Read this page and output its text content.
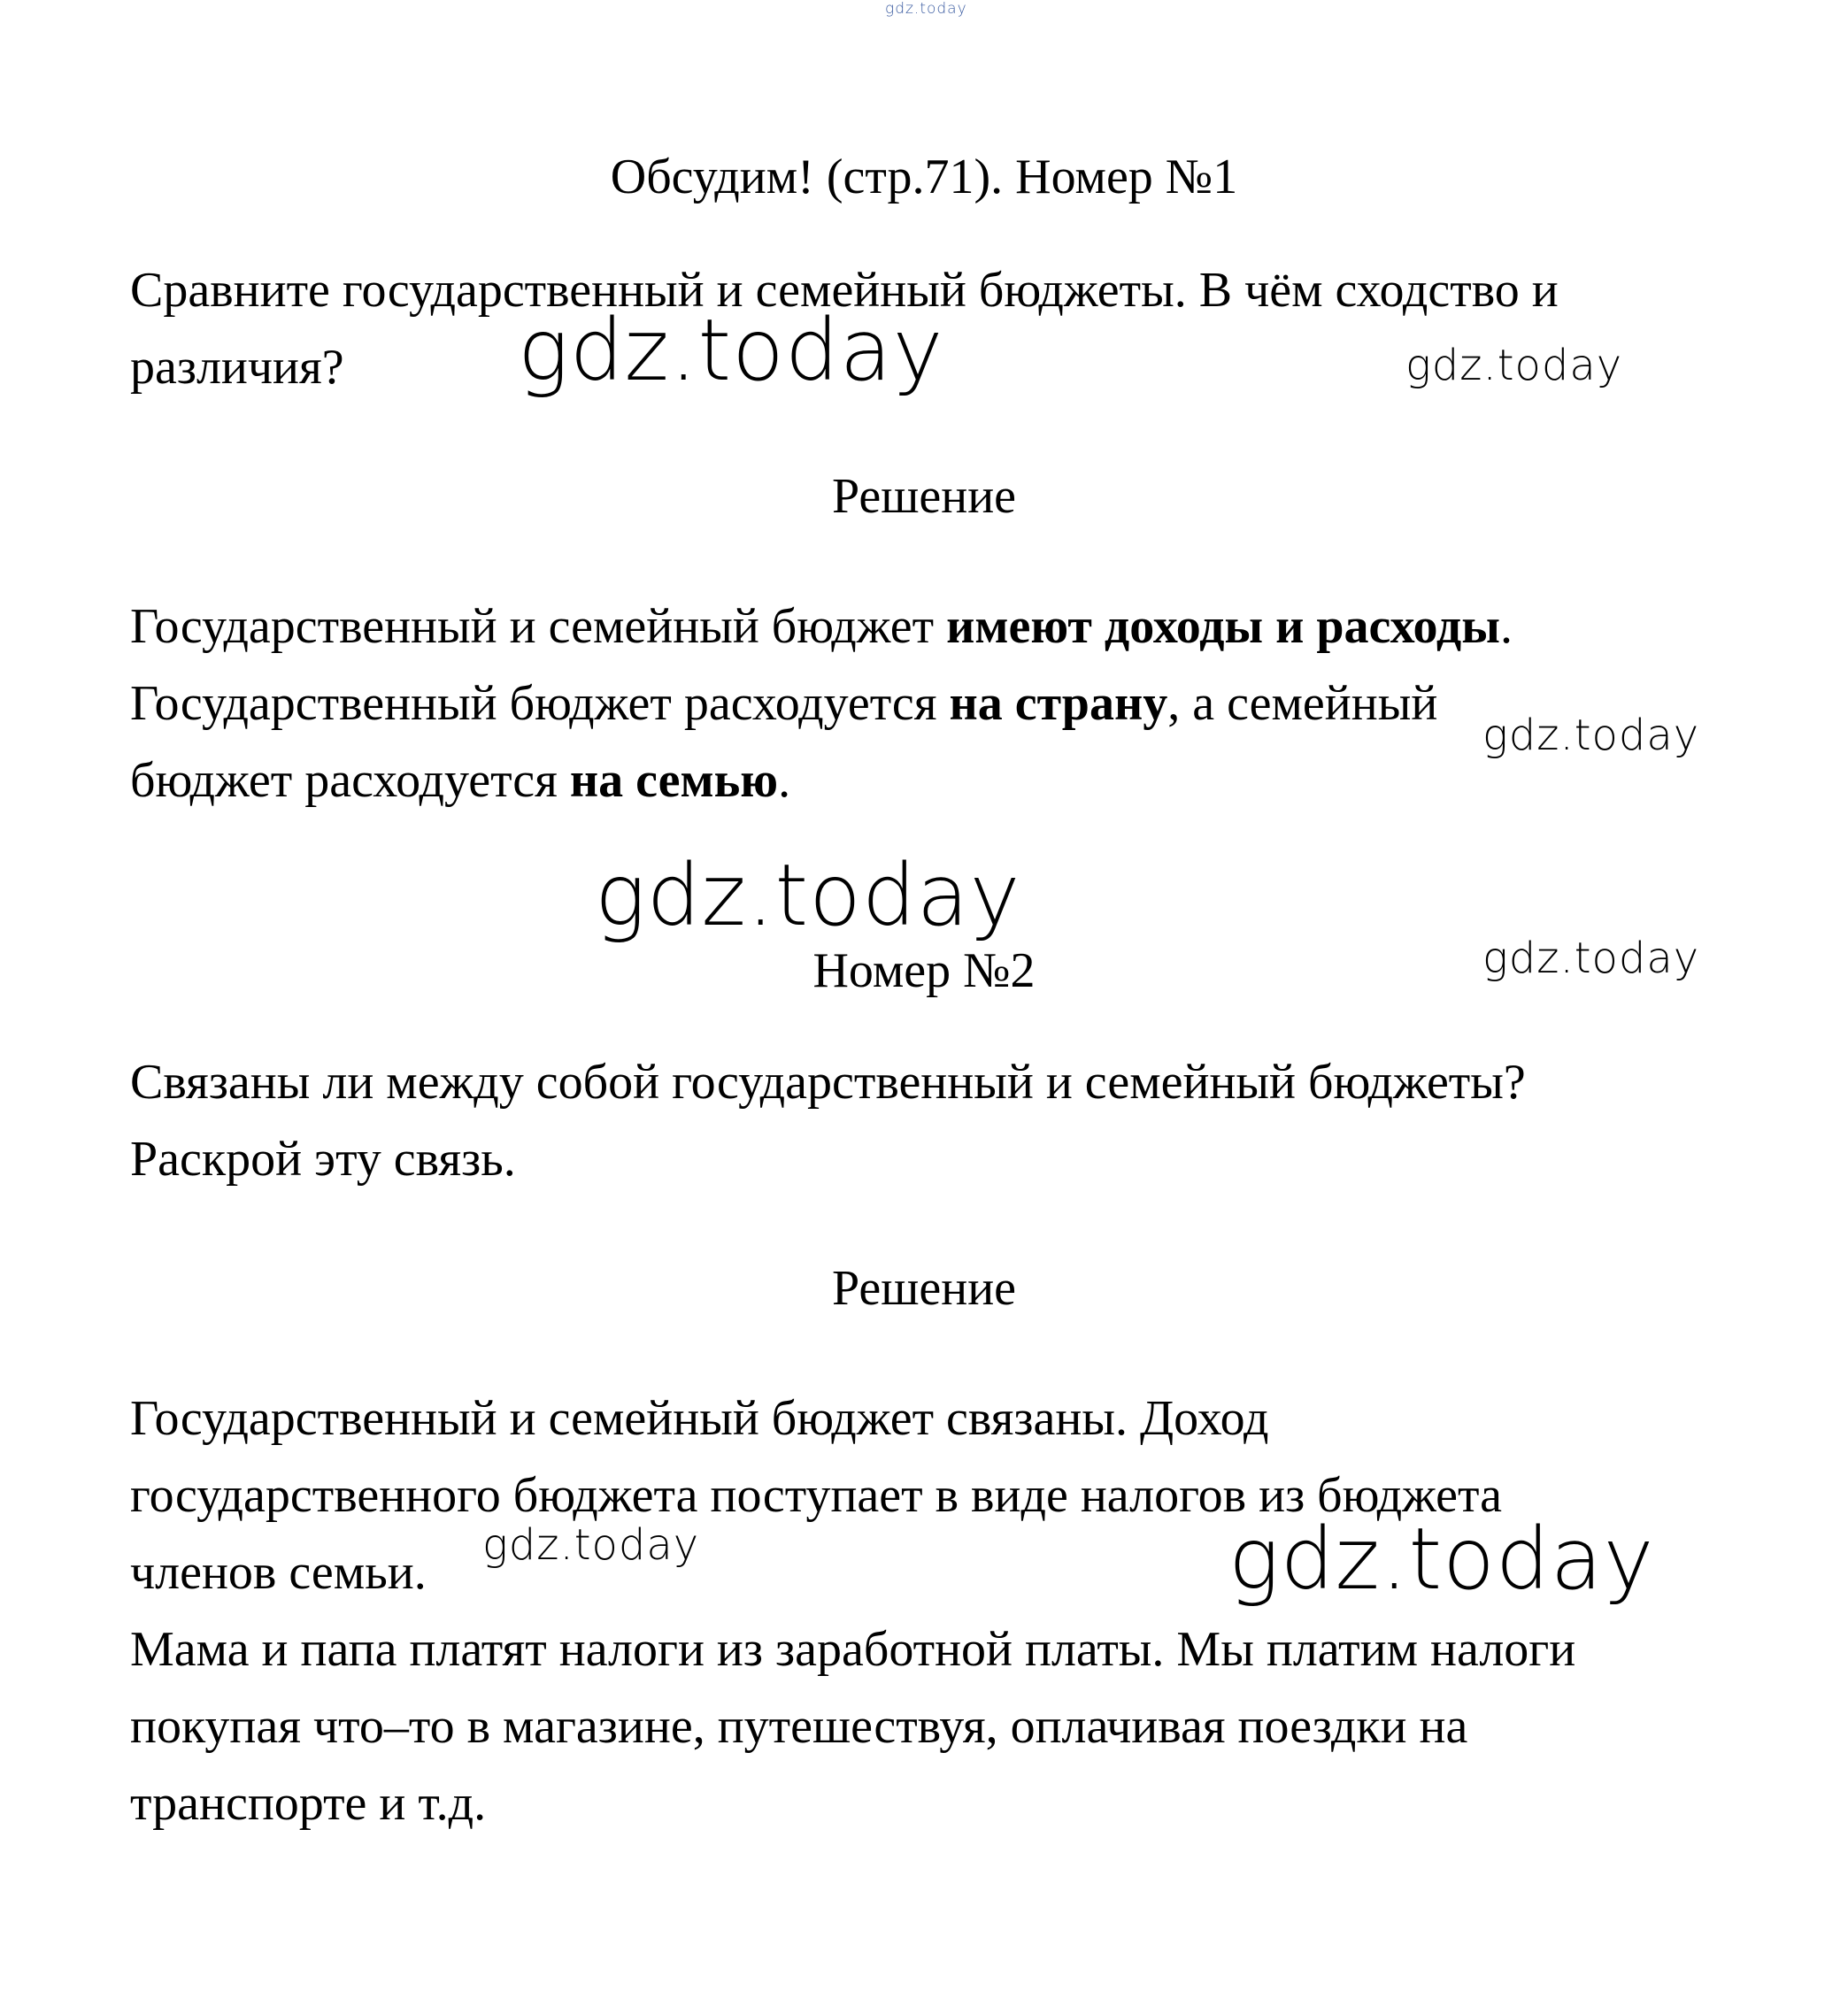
gdz.today
Обсудим! (стр.71). Номер №1
Сравните государственный и семейный бюджеты. В чём сходство и
различия?
Решение
Государственный и семейный бюджет имеют доходы и расходы.
Государственный бюджет расходуется на страну, а семейный
бюджет расходуется на семью.
Номер №2
Связаны ли между собой государственный и семейный бюджеты?
Раскрой эту связь.
Решение
Государственный и семейный бюджет связаны. Доход
государственного бюджета поступает в виде налогов из бюджета
членов семьи.
Мама и папа платят налоги из заработной платы. Мы платим налоги
покупая что–то в магазине, путешествуя, оплачивая поездки на
транспорте и т.д.
gdz.today	gdz.today
gdz.today
gdz.today
gdz.today
gdz.today	gdz.today
